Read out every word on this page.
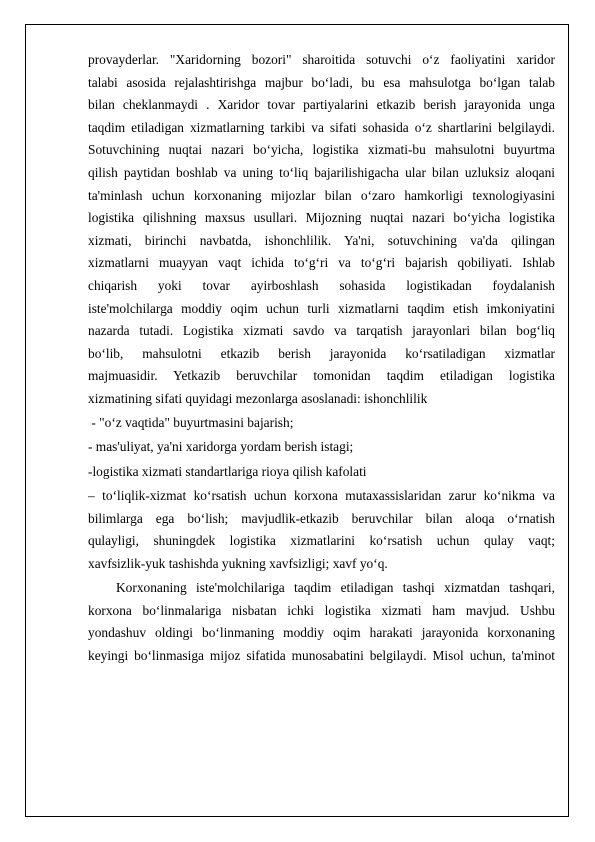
provayderlar. "Xaridorning bozori" sharoitida sotuvchi o‘z faoliyatini xaridor
talabi asosida rejalashtirishga majbur bo‘ladi, bu esa mahsulotga bo‘lgan talab
bilan cheklanmaydi . Xaridor tovar partiyalarini etkazib berish jarayonida unga
taqdim etiladigan xizmatlarning tarkibi va sifati sohasida o‘z shartlarini belgilaydi.
Sotuvchining nuqtai nazari bo‘yicha, logistika xizmati-bu mahsulotni buyurtma
qilish paytidan boshlab va uning to‘liq bajarilishigacha ular bilan uzluksiz aloqani
ta'minlash uchun korxonaning mijozlar bilan o‘zaro hamkorligi texnologiyasini
logistika qilishning maxsus usullari. Mijozning nuqtai nazari bo‘yicha logistika
xizmati, birinchi navbatda, ishonchlilik. Ya'ni, sotuvchining va'da qilingan
xizmatlarni muayyan vaqt ichida to‘g‘ri va to‘g‘ri bajarish qobiliyati. Ishlab
chiqarish yoki tovar ayirboshlash sohasida logistikadan foydalanish
iste'molchilarga moddiy oqim uchun turli xizmatlarni taqdim etish imkoniyatini
nazarda tutadi. Logistika xizmati savdo va tarqatish jarayonlari bilan bog‘liq
bo‘lib, mahsulotni etkazib berish jarayonida ko‘rsatiladigan xizmatlar
majmuasidir. Yetkazib beruvchilar tomonidan taqdim etiladigan logistika
xizmatining sifati quyidagi mezonlarga asoslanadi: ishonchlilik
- "o‘z vaqtida" buyurtmasini bajarish;
- mas'uliyat, ya'ni xaridorga yordam berish istagi;
-logistika xizmati standartlariga rioya qilish kafolati
– to‘liqlik-xizmat ko‘rsatish uchun korxona mutaxassislaridan zarur ko‘nikma va
bilimlarga ega bo‘lish; mavjudlik-etkazib beruvchilar bilan aloqa o‘rnatish
qulayligi, shuningdek logistika xizmatlarini ko‘rsatish uchun qulay vaqt;
xavfsizlik-yuk tashishda yukning xavfsizligi; xavf yo‘q.
Korxonaning iste'molchilariga taqdim etiladigan tashqi xizmatdan tashqari,
korxona bo‘linmalariga nisbatan ichki logistika xizmati ham mavjud. Ushbu
yondashuv oldingi bo‘linmaning moddiy oqim harakati jarayonida korxonaning
keyingi bo‘linmasiga mijoz sifatida munosabatini belgilaydi. Misol uchun, ta'minot
